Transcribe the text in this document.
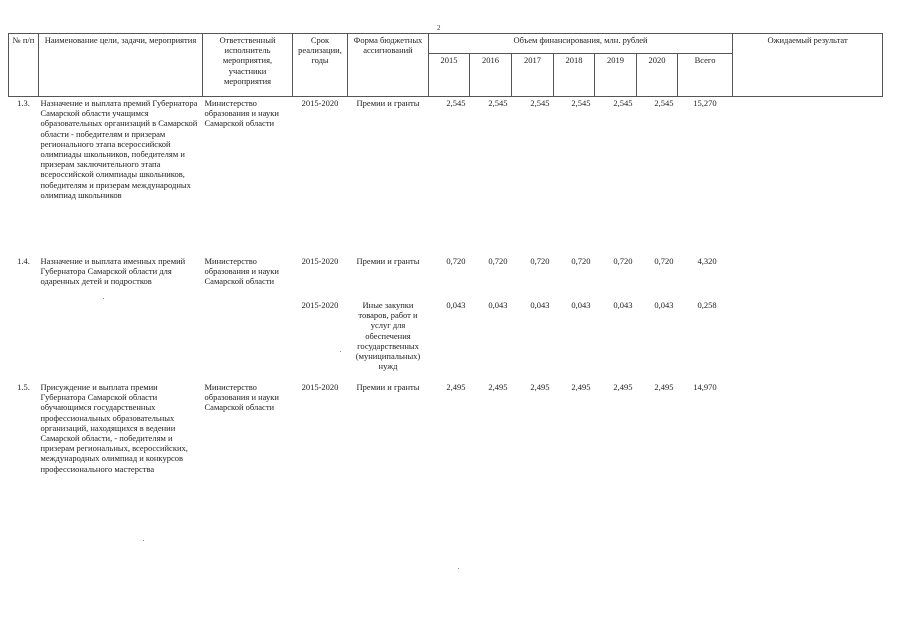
2
№ п/п	Наименование цели, задачи, мероприятия	Ответственный исполнитель мероприятия, участники мероприятия	Срок реализации, годы	Форма бюджетных ассигнований	Объем финансирования, млн. рублей							Ожидаемый результат
					2015	2016	2017	2018	2019	2020	Всего	
1.3.	Назначение и выплата премий Губернатора Самарской области учащимся образовательных организаций в Самарской области - победителям и призерам регионального этапа всероссийской олимпиады школьников, победителям и призерам заключительного этапа всероссийской олимпиады школьников, победителям и призерам международных олимпиад школьников	Министерство образования и науки Самарской области	2015-2020	Премии и гранты	2,545	2,545	2,545	2,545	2,545	2,545	15,270	
1.4.	Назначение и выплата именных премий Губернатора Самарской области для одаренных детей и подростков	Министерство образования и науки Самарской области	2015-2020	Премии и гранты	0,720	0,720	0,720	0,720	0,720	0,720	4,320	
			2015-2020	Иные закупки товаров, работ и услуг для обеспечения государственных (муниципальных) нужд	0,043	0,043	0,043	0,043	0,043	0,043	0,258	
1.5.	Присуждение и выплата премии Губернатора Самарской области обучающимся государственных профессиональных образовательных организаций, находящихся в ведении Самарской области, - победителям и призерам региональных, всероссийских, международных олимпиад и конкурсов профессионального мастерства	Министерство образования и науки Самарской области	2015-2020	Премии и гранты	2,495	2,495	2,495	2,495	2,495	2,495	14,970	
